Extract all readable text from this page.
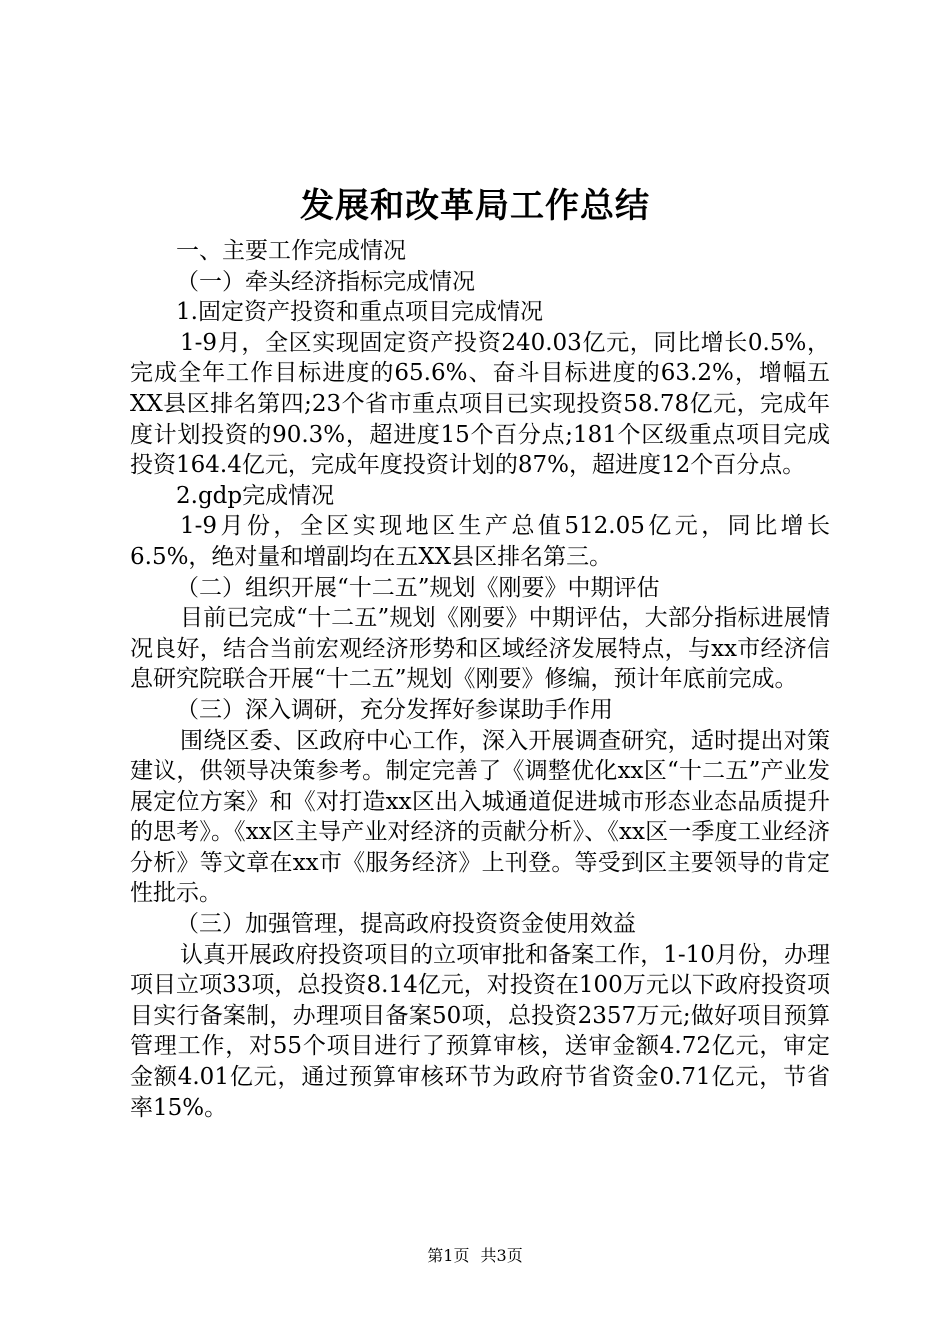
发展和改革局工作总结

一、主要工作完成情况

（一）牵头经济指标完成情况

1.固定资产投资和重点项目完成情况

1-9月，全区实现固定资产投资240.03亿元，同比增长0.5%，完成全年工作目标进度的65.6%、奋斗目标进度的63.2%，增幅五XX县区排名第四;23个省市重点项目已实现投资58.78亿元，完成年度计划投资的90.3%，超进度15个百分点;181个区级重点项目完成投资164.4亿元，完成年度投资计划的87%，超进度12个百分点。

2.gdp完成情况

1-9月份，全区实现地区生产总值512.05亿元，同比增长6.5%，绝对量和增副均在五XX县区排名第三。

（二）组织开展“十二五”规划《刚要》中期评估

目前已完成“十二五”规划《刚要》中期评估，大部分指标进展情况良好，结合当前宏观经济形势和区域经济发展特点，与xx市经济信息研究院联合开展“十二五”规划《刚要》修编，预计年底前完成。

（三）深入调研，充分发挥好参谋助手作用

围绕区委、区政府中心工作，深入开展调查研究，适时提出对策建议，供领导决策参考。制定完善了《调整优化xx区“十二五”产业发展定位方案》和《对打造xx区出入城通道促进城市形态业态品质提升的思考》。《xx区主导产业对经济的贡献分析》、《xx区一季度工业经济分析》等文章在xx市《服务经济》上刊登。等受到区主要领导的肯定性批示。

（三）加强管理，提高政府投资资金使用效益

认真开展政府投资项目的立项审批和备案工作，1-10月份，办理项目立项33项，总投资8.14亿元，对投资在100万元以下政府投资项目实行备案制，办理项目备案50项，总投资2357万元;做好项目预算管理工作，对55个项目进行了预算审核，送审金额4.72亿元，审定金额4.01亿元，通过预算审核环节为政府节省资金0.71亿元，节省率15%。

第1页 共3页
